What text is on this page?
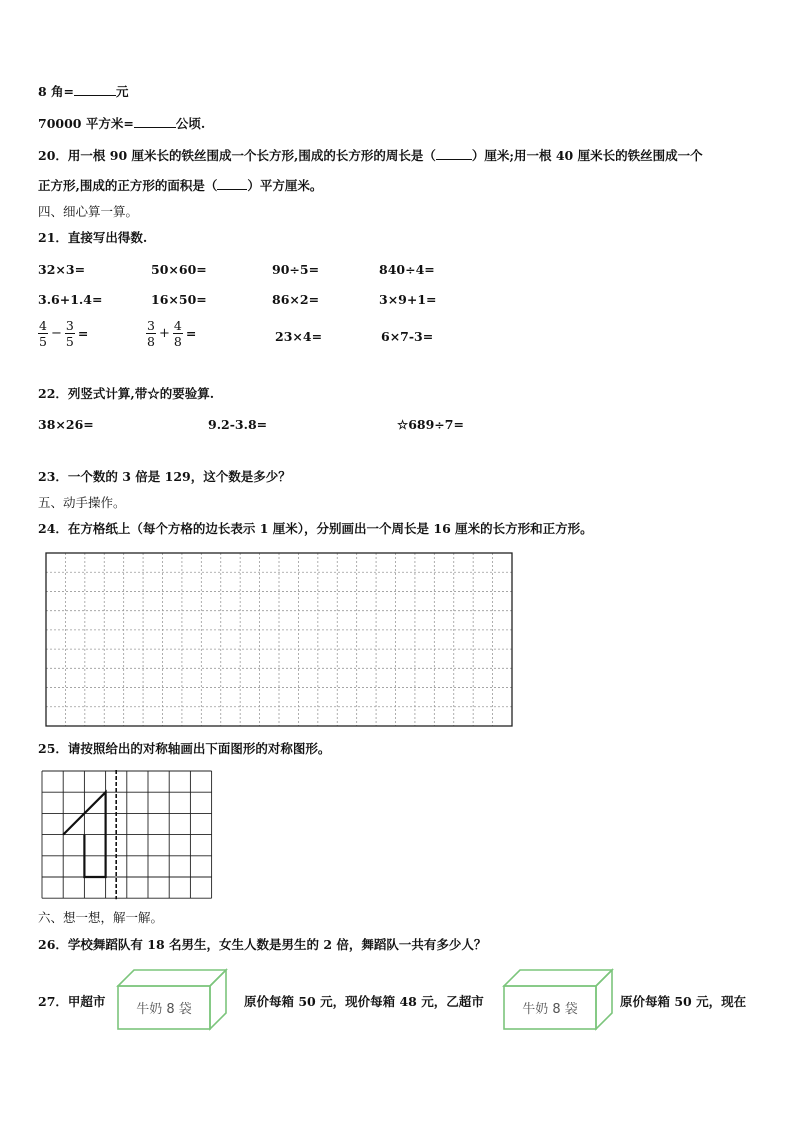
8 角=	元
70000 平方米=	公顷.
20．用一根 90 厘米长的铁丝围成一个长方形,围成的长方形的周长是（	）厘米;用一根 40 厘米长的铁丝围成一个
正方形,围成的正方形的面积是（ ）平方厘米。
四、细心算一算。
21．直接写出得数.
32×3=	50×60=	90÷5=	840÷4=
3.6+1.4=	16×50=	86×2=	3×9+1=
$\frac{4}{5} - \frac{3}{5}$ =	$\frac{3}{8} + \frac{4}{8}$ =	23×4=	6×7-3=
22．列竖式计算,带☆的要验算.
38×26=	9.2-3.8=	☆689÷7=
23．一个数的 3 倍是 129，这个数是多少？
五、动手操作。
24．在方格纸上（每个方格的边长表示 1 厘米），分别画出一个周长是 16 厘米的长方形和正方形。
25．请按照给出的对称轴画出下面图形的对称图形。
六、想一想，解一解。
26．学校舞蹈队有 18 名男生，女生人数是男生的 2 倍，舞蹈队一共有多少人？
27．甲超市
牛奶 8 袋
原价每箱 50 元，现价每箱 48 元，乙超市
牛奶 8 袋
原价每箱 50 元，现在
